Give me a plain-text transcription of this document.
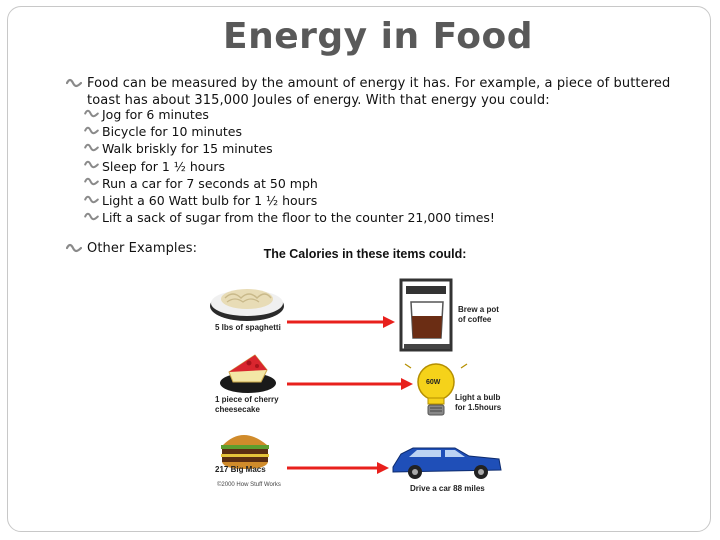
Energy in Food
Food can be measured by the amount of energy it has. For example, a piece of buttered toast has about 315,000 Joules of energy. With that energy you could:
Jog for 6 minutes
Bicycle for 10 minutes
Walk briskly for 15 minutes
Sleep for 1 ½ hours
Run a car for 7 seconds at 50 mph
Light a 60 Watt bulb for 1 ½ hours
Lift a sack of sugar from the floor to the counter 21,000 times!
Other Examples:	The Calories in these items could:
5 lbs of spaghetti
Brew a pot
of coffee
1 piece of cherry
cheesecake
60W
Light a bulb
for 1.5hours
217 Big Macs
©2000 How Stuff Works	Drive a car 88 miles
